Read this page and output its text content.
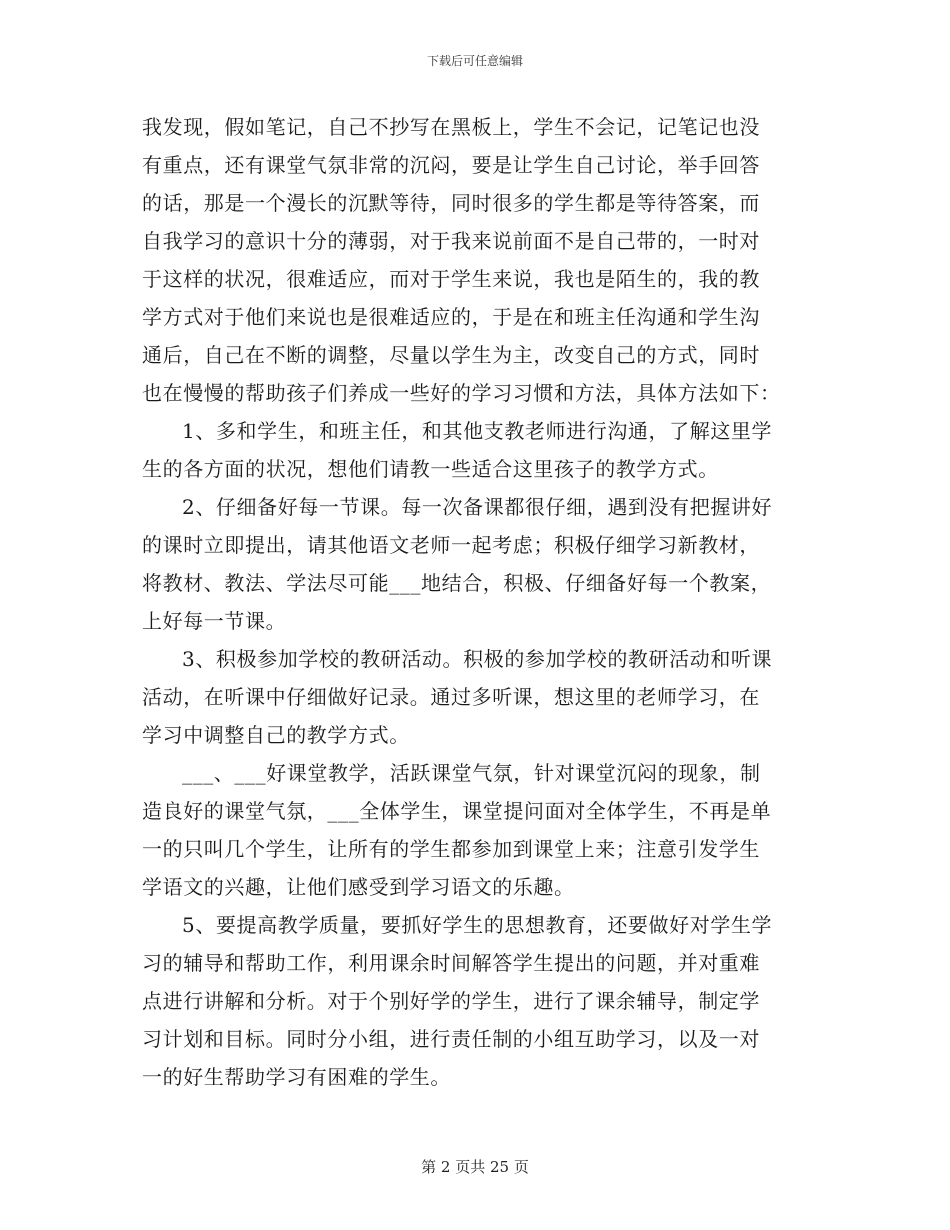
下载后可任意编辑
我发现，假如笔记，自己不抄写在黑板上，学生不会记，记笔记也没
有重点，还有课堂气氛非常的沉闷，要是让学生自己讨论，举手回答
的话，那是一个漫长的沉默等待，同时很多的学生都是等待答案，而
自我学习的意识十分的薄弱，对于我来说前面不是自己带的，一时对
于这样的状况，很难适应，而对于学生来说，我也是陌生的，我的教
学方式对于他们来说也是很难适应的，于是在和班主任沟通和学生沟
通后，自己在不断的调整，尽量以学生为主，改变自己的方式，同时
也在慢慢的帮助孩子们养成一些好的学习习惯和方法，具体方法如下：
1、多和学生，和班主任，和其他支教老师进行沟通，了解这里学
生的各方面的状况，想他们请教一些适合这里孩子的教学方式。
2、仔细备好每一节课。每一次备课都很仔细，遇到没有把握讲好
的课时立即提出，请其他语文老师一起考虑；积极仔细学习新教材，
将教材、教法、学法尽可能___地结合，积极、仔细备好每一个教案，
上好每一节课。
3、积极参加学校的教研活动。积极的参加学校的教研活动和听课
活动，在听课中仔细做好记录。通过多听课，想这里的老师学习，在
学习中调整自己的教学方式。
___、___好课堂教学，活跃课堂气氛，针对课堂沉闷的现象，制
造良好的课堂气氛，___全体学生，课堂提问面对全体学生，不再是单
一的只叫几个学生，让所有的学生都参加到课堂上来；注意引发学生
学语文的兴趣，让他们感受到学习语文的乐趣。
5、要提高教学质量，要抓好学生的思想教育，还要做好对学生学
习的辅导和帮助工作，利用课余时间解答学生提出的问题，并对重难
点进行讲解和分析。对于个别好学的学生，进行了课余辅导，制定学
习计划和目标。同时分小组，进行责任制的小组互助学习，以及一对
一的好生帮助学习有困难的学生。
第 2 页共 25 页
